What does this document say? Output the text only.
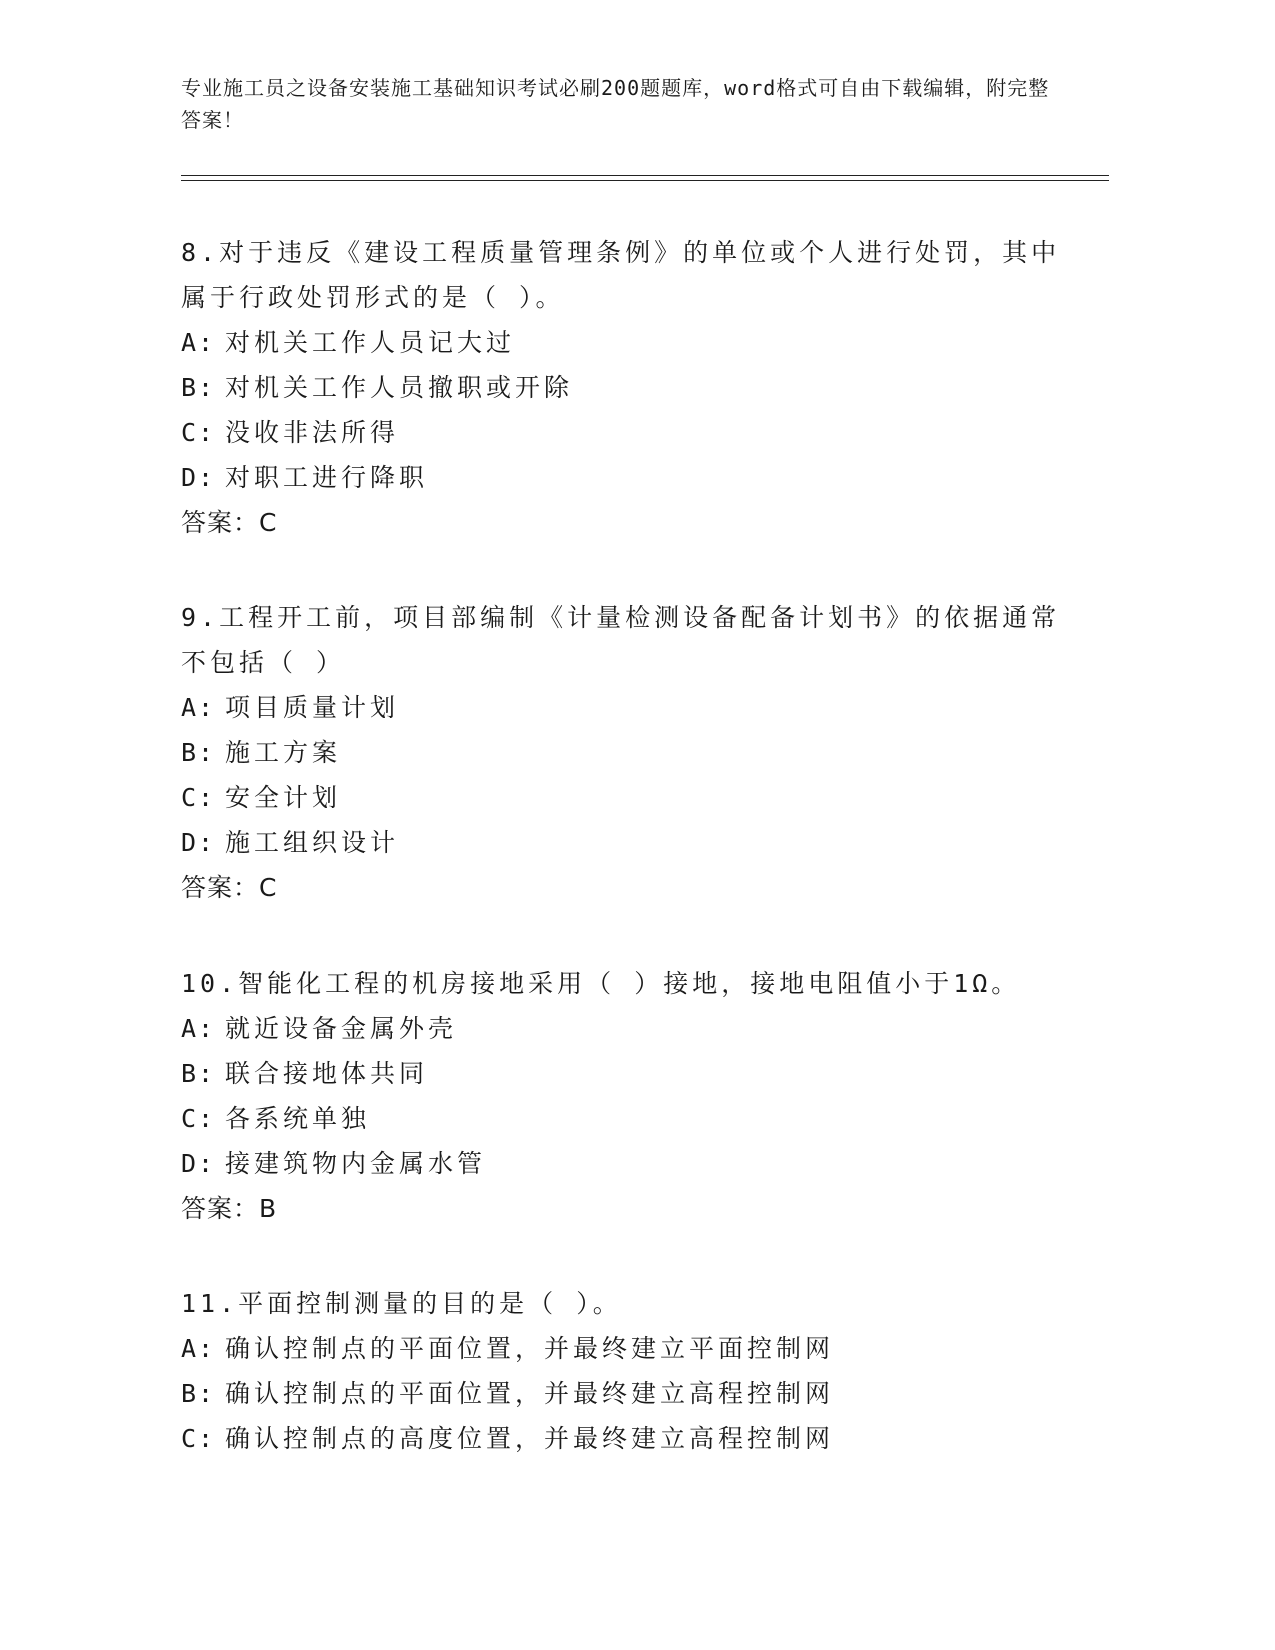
专业施工员之设备安装施工基础知识考试必刷200题题库，word格式可自由下载编辑，附完整答案！

8.对于违反《建设工程质量管理条例》的单位或个人进行处罚，其中属于行政处罚形式的是（ ）。

A: 对机关工作人员记大过

B: 对机关工作人员撤职或开除

C: 没收非法所得

D: 对职工进行降职

答案：C

9.工程开工前，项目部编制《计量检测设备配备计划书》的依据通常不包括（ ）

A: 项目质量计划

B: 施工方案

C: 安全计划

D: 施工组织设计

答案：C

10.智能化工程的机房接地采用（ ）接地，接地电阻值小于1Ω。

A: 就近设备金属外壳

B: 联合接地体共同

C: 各系统单独

D: 接建筑物内金属水管

答案：B

11.平面控制测量的目的是（ ）。

A: 确认控制点的平面位置，并最终建立平面控制网

B: 确认控制点的平面位置，并最终建立高程控制网

C: 确认控制点的高度位置，并最终建立高程控制网
